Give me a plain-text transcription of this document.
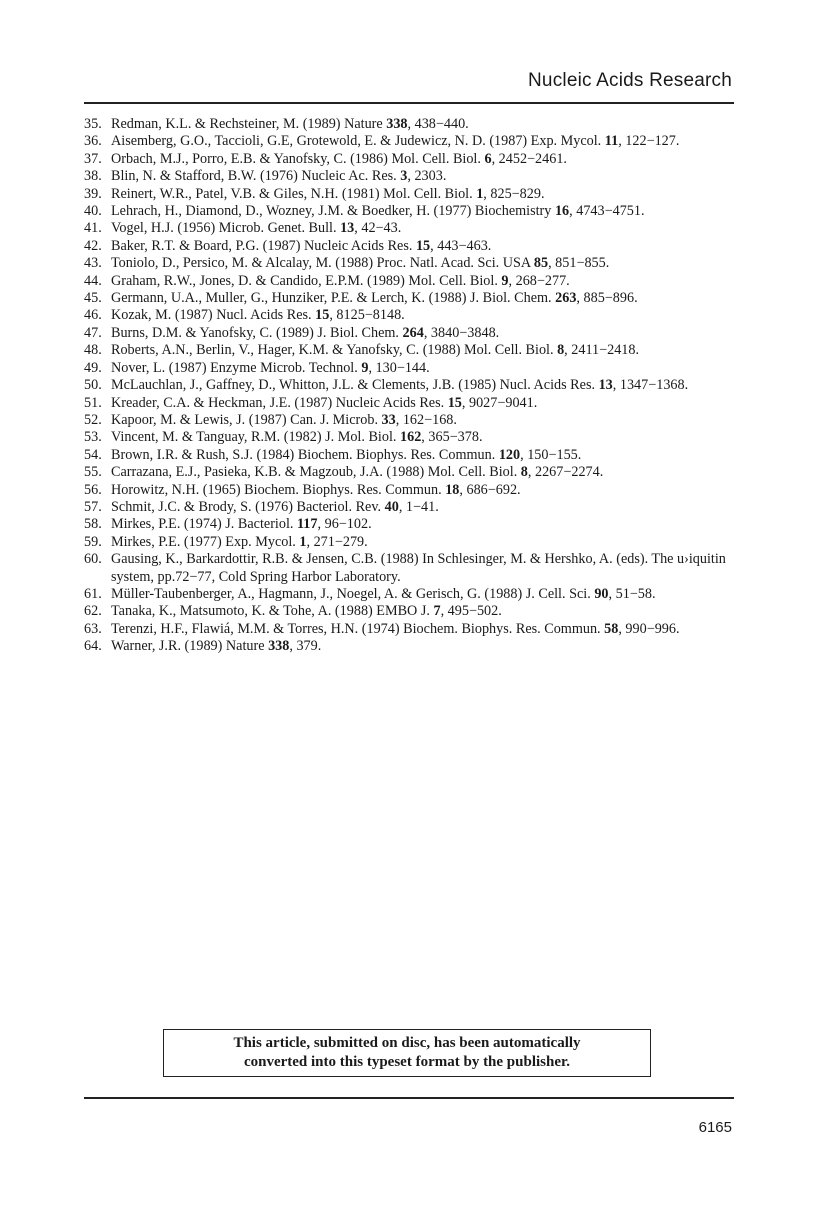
Nucleic Acids Research
35. Redman, K.L. & Rechsteiner, M. (1989) Nature 338, 438−440.
36. Aisemberg, G.O., Taccioli, G.E, Grotewold, E. & Judewicz, N. D. (1987) Exp. Mycol. 11, 122−127.
37. Orbach, M.J., Porro, E.B. & Yanofsky, C. (1986) Mol. Cell. Biol. 6, 2452−2461.
38. Blin, N. & Stafford, B.W. (1976) Nucleic Ac. Res. 3, 2303.
39. Reinert, W.R., Patel, V.B. & Giles, N.H. (1981) Mol. Cell. Biol. 1, 825−829.
40. Lehrach, H., Diamond, D., Wozney, J.M. & Boedker, H. (1977) Biochemistry 16, 4743−4751.
41. Vogel, H.J. (1956) Microb. Genet. Bull. 13, 42−43.
42. Baker, R.T. & Board, P.G. (1987) Nucleic Acids Res. 15, 443−463.
43. Toniolo, D., Persico, M. & Alcalay, M. (1988) Proc. Natl. Acad. Sci. USA 85, 851−855.
44. Graham, R.W., Jones, D. & Candido, E.P.M. (1989) Mol. Cell. Biol. 9, 268−277.
45. Germann, U.A., Muller, G., Hunziker, P.E. & Lerch, K. (1988) J. Biol. Chem. 263, 885−896.
46. Kozak, M. (1987) Nucl. Acids Res. 15, 8125−8148.
47. Burns, D.M. & Yanofsky, C. (1989) J. Biol. Chem. 264, 3840−3848.
48. Roberts, A.N., Berlin, V., Hager, K.M. & Yanofsky, C. (1988) Mol. Cell. Biol. 8, 2411−2418.
49. Nover, L. (1987) Enzyme Microb. Technol. 9, 130−144.
50. McLauchlan, J., Gaffney, D., Whitton, J.L. & Clements, J.B. (1985) Nucl. Acids Res. 13, 1347−1368.
51. Kreader, C.A. & Heckman, J.E. (1987) Nucleic Acids Res. 15, 9027−9041.
52. Kapoor, M. & Lewis, J. (1987) Can. J. Microb. 33, 162−168.
53. Vincent, M. & Tanguay, R.M. (1982) J. Mol. Biol. 162, 365−378.
54. Brown, I.R. & Rush, S.J. (1984) Biochem. Biophys. Res. Commun. 120, 150−155.
55. Carrazana, E.J., Pasieka, K.B. & Magzoub, J.A. (1988) Mol. Cell. Biol. 8, 2267−2274.
56. Horowitz, N.H. (1965) Biochem. Biophys. Res. Commun. 18, 686−692.
57. Schmit, J.C. & Brody, S. (1976) Bacteriol. Rev. 40, 1−41.
58. Mirkes, P.E. (1974) J. Bacteriol. 117, 96−102.
59. Mirkes, P.E. (1977) Exp. Mycol. 1, 271−279.
60. Gausing, K., Barkardottir, R.B. & Jensen, C.B. (1988) In Schlesinger, M. & Hershko, A. (eds). The u›iquitin
system, pp.72−77, Cold Spring Harbor Laboratory.
61. Müller-Taubenberger, A., Hagmann, J., Noegel, A. & Gerisch, G. (1988) J. Cell. Sci. 90, 51−58.
62. Tanaka, K., Matsumoto, K. & Tohe, A. (1988) EMBO J. 7, 495−502.
63. Terenzi, H.F., Flawiá, M.M. & Torres, H.N. (1974) Biochem. Biophys. Res. Commun. 58, 990−996.
64. Warner, J.R. (1989) Nature 338, 379.
This article, submitted on disc, has been automatically
converted into this typeset format by the publisher.
6165
